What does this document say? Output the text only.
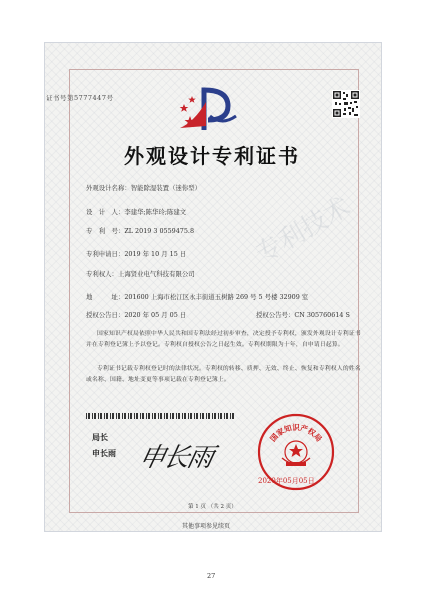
专利技术
证书号第5777447号
外观设计专利证书
外观设计名称：智能除湿装置（迷你型）
设　计　人：李建华;陈华玲;陈建文
专　利　号：ZL 2019 3 0559475.8
专利申请日：2019 年 10 月 15 日
专利权人：上海贤业电气科技有限公司
地　　　址：201600 上海市松江区永丰街道玉树路 269 号 5 号楼 32909 室
授权公告日：2020 年 05 月 05 日	授权公告号：CN 305760614 S
国家知识产权局依照中华人民共和国专利法经过初步审查，决定授予专利权，颁发外观设计专利证书并在专利登记簿上予以登记。专利权自授权公告之日起生效。专利权期限为十年，自申请日起算。
专利证书记载专利权登记时的法律状况。专利权的转移、质押、无效、终止、恢复和专利权人的姓名或名称、国籍、地址变更等事项记载在专利登记簿上。
局长
申长雨 申长雨
国家知识产权局
2020年05月05日
第 1 页 （共 2 页）
其他事项参见续页
27
